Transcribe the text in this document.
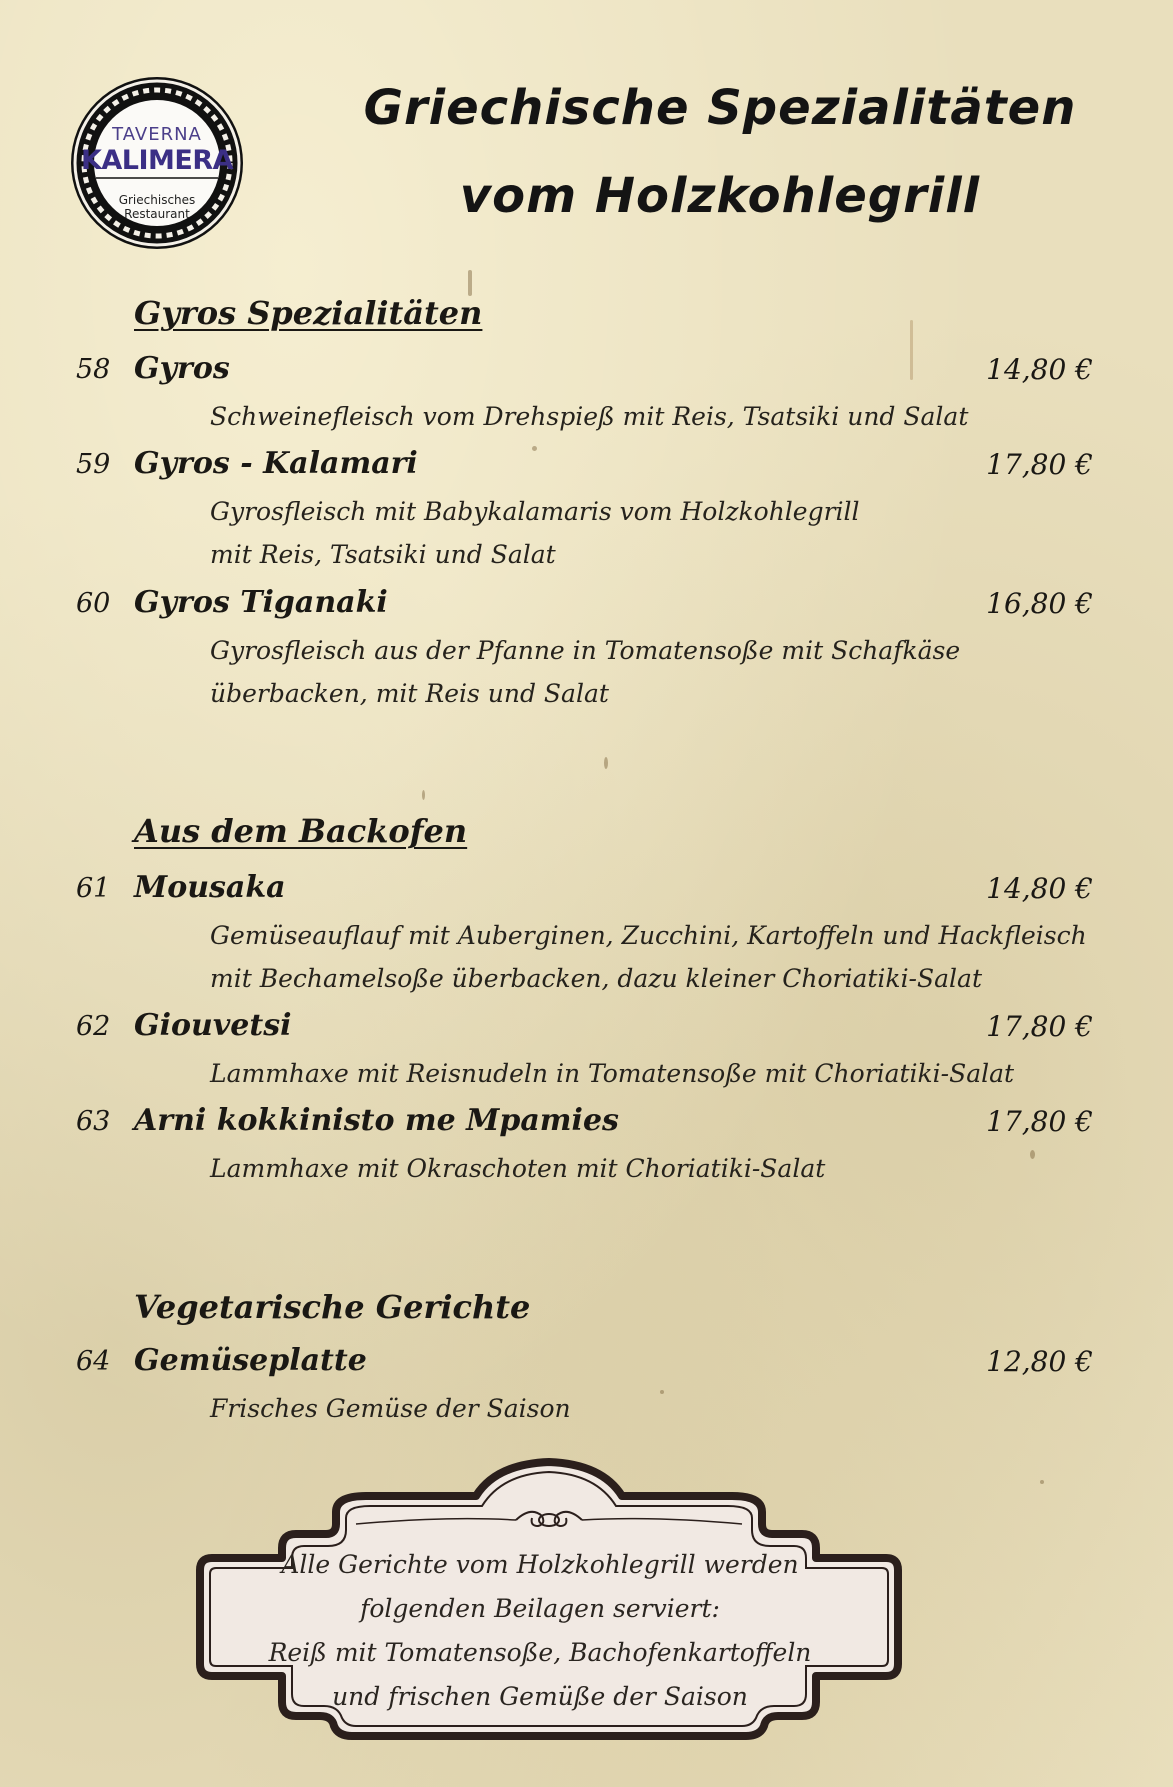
TAVERNA
KALIMERA
Griechisches
Restaurant
Griechische Spezialitäten
vom Holzkohlegrill
Gyros Spezialitäten
58 Gyros	14,80 €
Schweinefleisch vom Drehspieß mit Reis, Tsatsiki und Salat
59 Gyros - Kalamari	17,80 €
Gyrosfleisch mit Babykalamaris vom Holzkohlegrill
mit Reis, Tsatsiki und Salat
60 Gyros Tiganaki	16,80 €
Gyrosfleisch aus der Pfanne in Tomatensoße mit Schafkäse
überbacken, mit Reis und Salat
Aus dem Backofen
61 Mousaka	14,80 €
Gemüseauflauf mit Auberginen, Zucchini, Kartoffeln und Hackfleisch
mit Bechamelsoße überbacken, dazu kleiner Choriatiki-Salat
62 Giouvetsi	17,80 €
Lammhaxe mit Reisnudeln in Tomatensoße mit Choriatiki-Salat
63 Arni kokkinisto me Mpamies	17,80 €
Lammhaxe mit Okraschoten mit Choriatiki-Salat
Vegetarische Gerichte
64 Gemüseplatte	12,80 €
Frisches Gemüse der Saison
Alle Gerichte vom Holzkohlegrill werden
folgenden Beilagen serviert:
Reiß mit Tomatensoße, Bachofenkartoffeln
und frischen Gemüße der Saison
